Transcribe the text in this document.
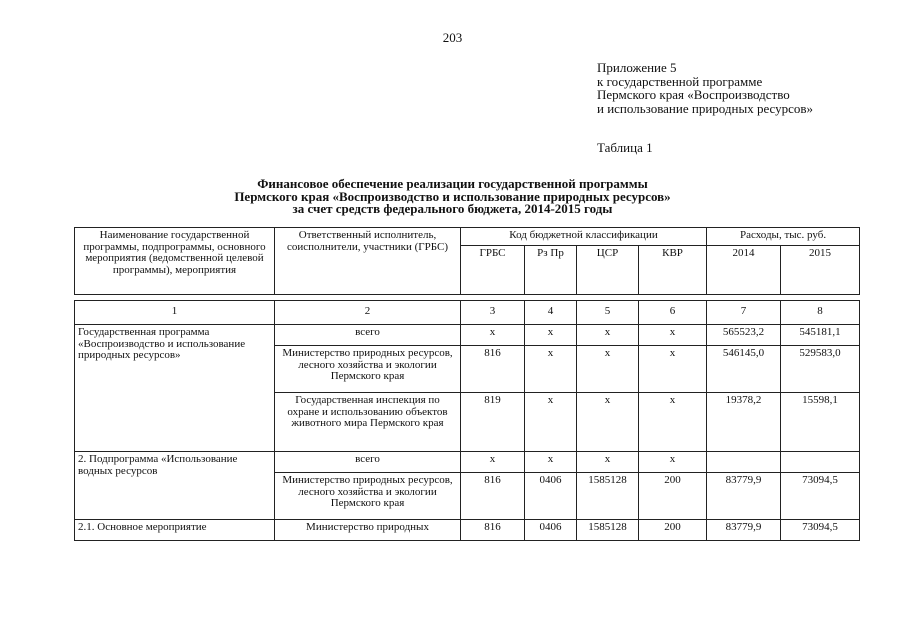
203
Приложение 5
к государственной программе
Пермского края «Воспроизводство
и использование природных ресурсов»
Таблица 1
Финансовое обеспечение реализации государственной программы
Пермского края «Воспроизводство и использование природных ресурсов»
за счет средств федерального бюджета, 2014-2015 годы
Наименование государственной программы, подпрограммы, основного мероприятия (ведомственной целевой программы), мероприятия	Ответственный исполнитель, соисполнители, участники (ГРБС)	Код бюджетной классификации				Расходы, тыс. руб.	
		ГРБС	Рз Пр	ЦСР	КВР	2014	2015

1	2	3	4	5	6	7	8
Государственная программа «Воспроизводство и использование природных ресурсов»	всего	х	х	х	х	565523,2	545181,1
	Министерство природных ресурсов, лесного хозяйства и экологии Пермского края	816	х	х	х	546145,0	529583,0
	Государственная инспекция по охране и использованию объектов животного мира Пермского края	819	х	х	х	19378,2	15598,1
2. Подпрограмма «Использование водных ресурсов	всего	х	х	х	х		
	Министерство природных ресурсов, лесного хозяйства и экологии Пермского края	816	0406	1585128	200	83779,9	73094,5
2.1. Основное мероприятие	Министерство природных	816	0406	1585128	200	83779,9	73094,5
